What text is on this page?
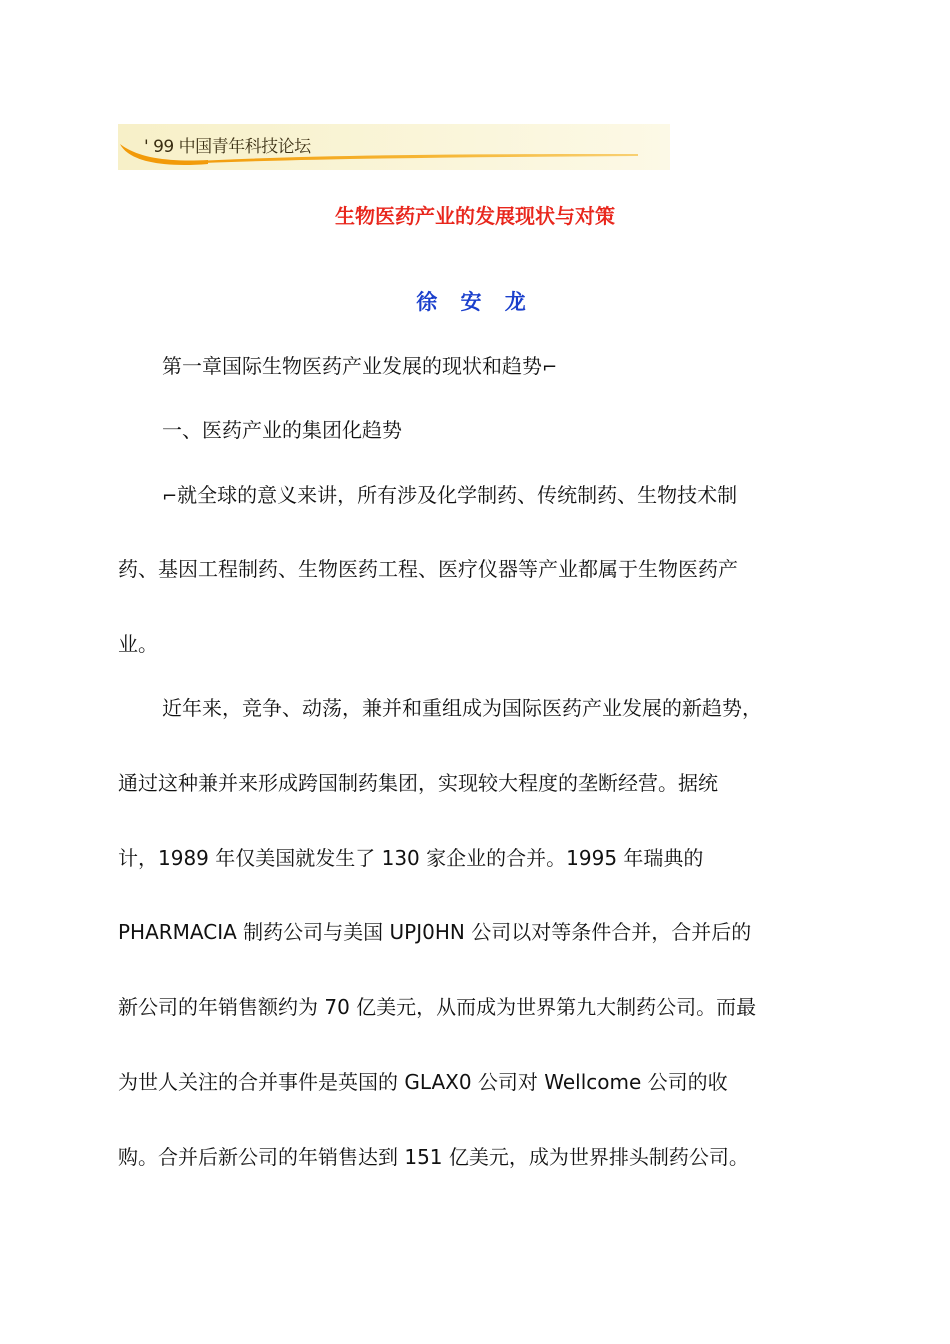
' 99 中国青年科技论坛
生物医药产业的发展现状与对策
徐 安 龙
第一章国际生物医药产业发展的现状和趋势⌐
一、医药产业的集团化趋势
⌐就全球的意义来讲，所有涉及化学制药、传统制药、生物技术制
药、基因工程制药、生物医药工程、医疗仪器等产业都属于生物医药产
业。
近年来，竞争、动荡，兼并和重组成为国际医药产业发展的新趋势，
通过这种兼并来形成跨国制药集团，实现较大程度的垄断经营。据统
计，1989 年仅美国就发生了 130 家企业的合并。1995 年瑞典的
PHARMACIA 制药公司与美国 UPJ0HN 公司以对等条件合并，合并后的
新公司的年销售额约为 70 亿美元，从而成为世界第九大制药公司。而最
为世人关注的合并事件是英国的 GLAX0 公司对 Wellcome 公司的收
购。合并后新公司的年销售达到 151 亿美元，成为世界排头制药公司。
